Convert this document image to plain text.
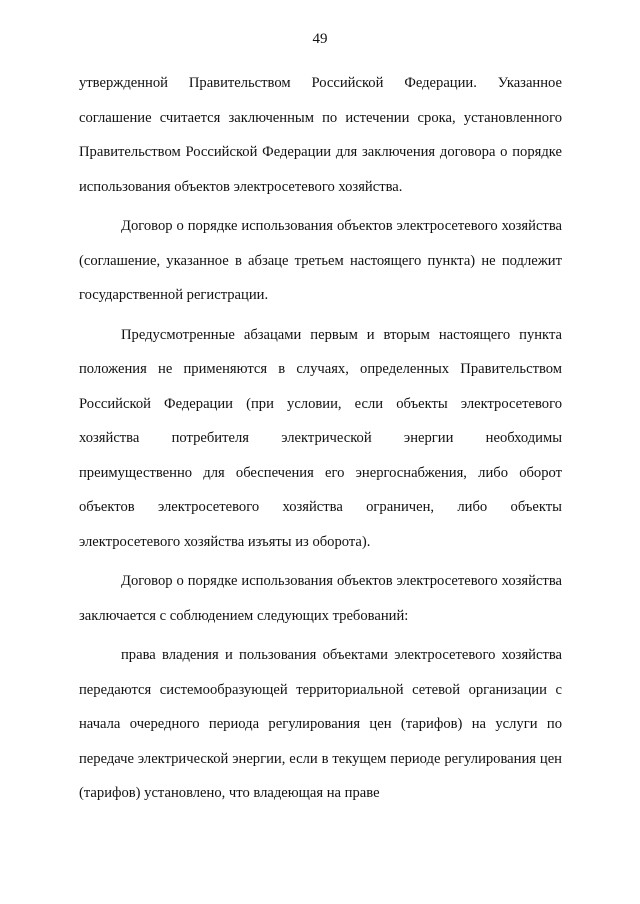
49

утвержденной Правительством Российской Федерации. Указанное соглашение считается заключенным по истечении срока, установленного Правительством Российской Федерации для заключения договора о порядке использования объектов электросетевого хозяйства.

Договор о порядке использования объектов электросетевого хозяйства (соглашение, указанное в абзаце третьем настоящего пункта) не подлежит государственной регистрации.

Предусмотренные абзацами первым и вторым настоящего пункта положения не применяются в случаях, определенных Правительством Российской Федерации (при условии, если объекты электросетевого хозяйства потребителя электрической энергии необходимы преимущественно для обеспечения его энергоснабжения, либо оборот объектов электросетевого хозяйства ограничен, либо объекты электросетевого хозяйства изъяты из оборота).

Договор о порядке использования объектов электросетевого хозяйства заключается с соблюдением следующих требований:

права владения и пользования объектами электросетевого хозяйства передаются системообразующей территориальной сетевой организации с начала очередного периода регулирования цен (тарифов) на услуги по передаче электрической энергии, если в текущем периоде регулирования цен (тарифов) установлено, что владеющая на праве
